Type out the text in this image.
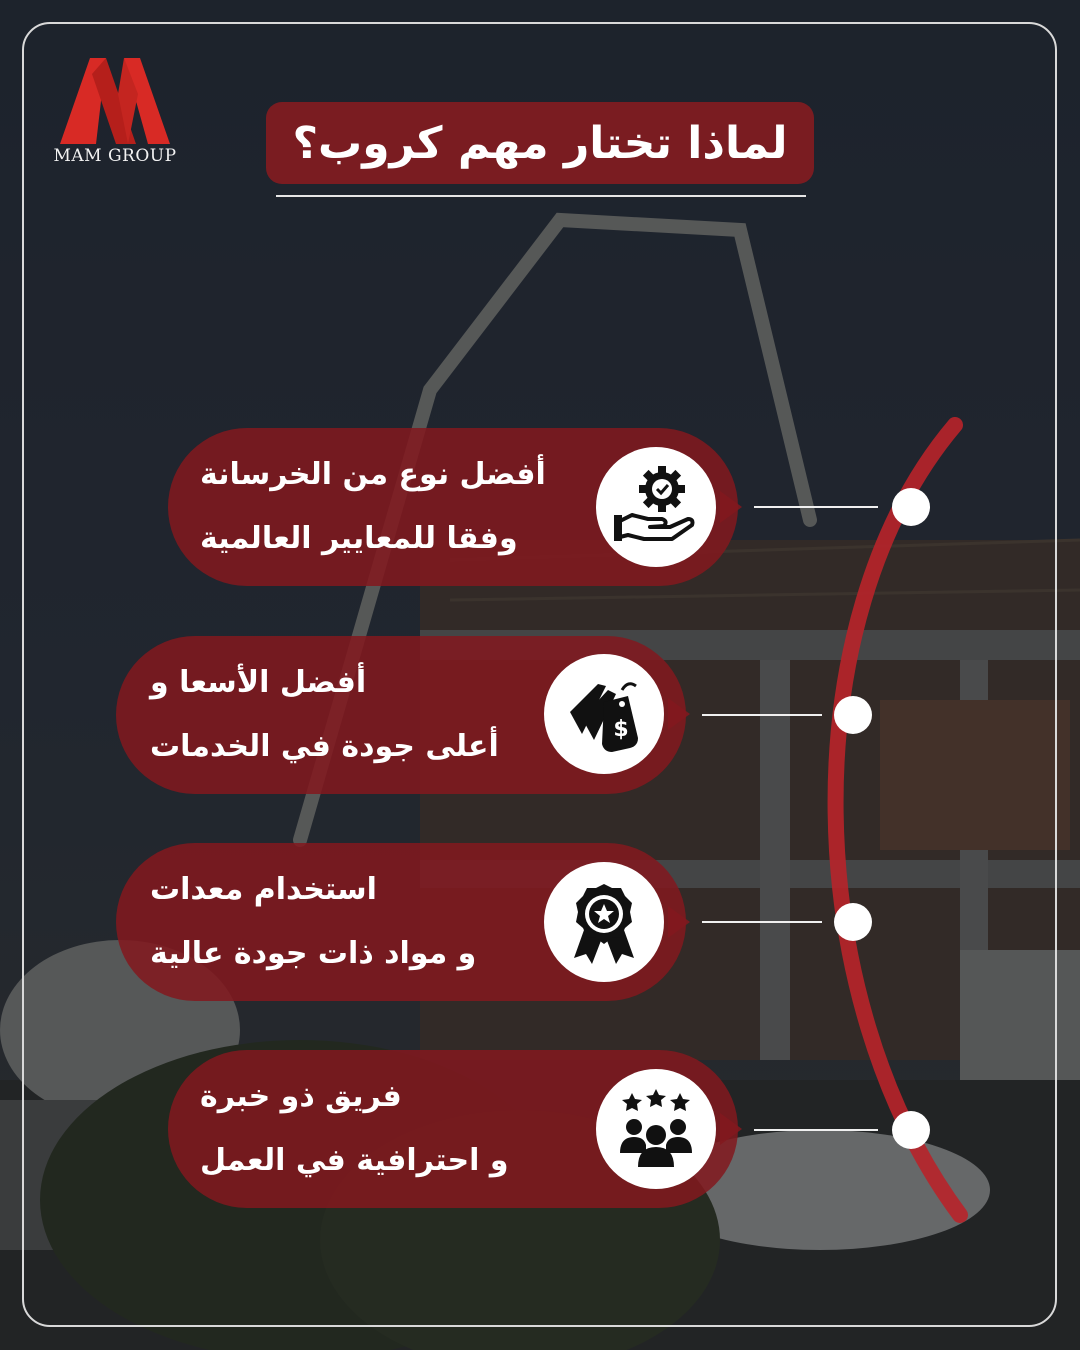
MAM GROUP	لماذا تختار مهم كروب؟
أفضل نوع من الخرسانة
وفقا للمعايير العالمية
أفضل الأسعا و
أعلى جودة في الخدمات	$
استخدام معدات
و مواد ذات جودة عالية
فريق ذو خبرة
و احترافية في العمل
